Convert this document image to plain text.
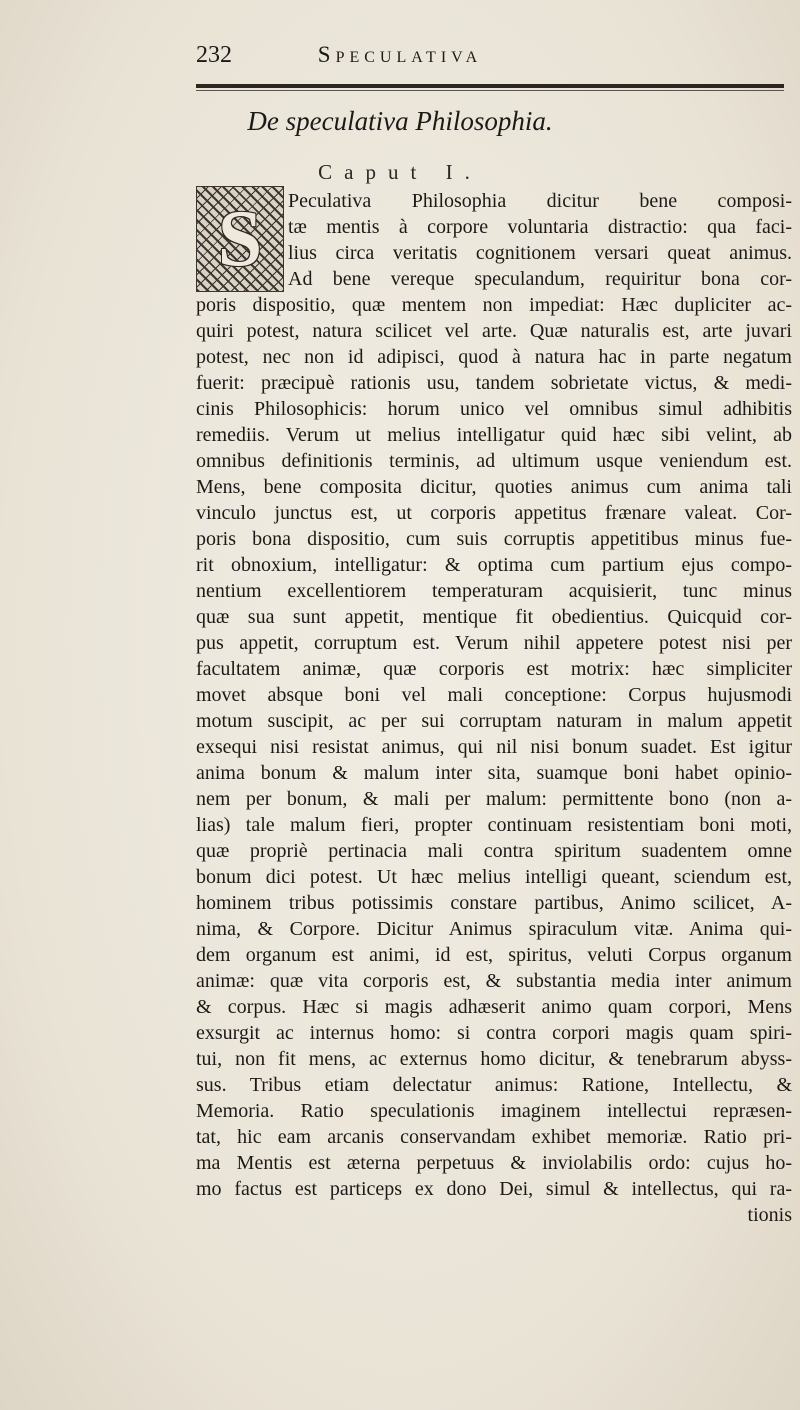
232	Speculativa
De speculativa Philosophia.
Caput I.
S	Peculativa Philosophia dicitur bene composi-
tæ mentis à corpore voluntaria distractio: qua faci-
lius circa veritatis cognitionem versari queat animus.
Ad bene vereque speculandum, requiritur bona cor-
poris dispositio, quæ mentem non impediat: Hæc dupliciter ac-
quiri potest, natura scilicet vel arte. Quæ naturalis est, arte juvari
potest, nec non id adipisci, quod à natura hac in parte negatum
fuerit: præcipuè rationis usu, tandem sobrietate victus, & medi-
cinis Philosophicis: horum unico vel omnibus simul adhibitis
remediis. Verum ut melius intelligatur quid hæc sibi velint, ab
omnibus definitionis terminis, ad ultimum usque veniendum est.
Mens, bene composita dicitur, quoties animus cum anima tali
vinculo junctus est, ut corporis appetitus frænare valeat. Cor-
poris bona dispositio, cum suis corruptis appetitibus minus fue-
rit obnoxium, intelligatur: & optima cum partium ejus compo-
nentium excellentiorem temperaturam acquisierit, tunc minus
quæ sua sunt appetit, mentique fit obedientius. Quicquid cor-
pus appetit, corruptum est. Verum nihil appetere potest nisi per
facultatem animæ, quæ corporis est motrix: hæc simpliciter
movet absque boni vel mali conceptione: Corpus hujusmodi
motum suscipit, ac per sui corruptam naturam in malum appetit
exsequi nisi resistat animus, qui nil nisi bonum suadet. Est igitur
anima bonum & malum inter sita, suamque boni habet opinio-
nem per bonum, & mali per malum: permittente bono (non a-
lias) tale malum fieri, propter continuam resistentiam boni moti,
quæ propriè pertinacia mali contra spiritum suadentem omne
bonum dici potest. Ut hæc melius intelligi queant, sciendum est,
hominem tribus potissimis constare partibus, Animo scilicet, A-
nima, & Corpore. Dicitur Animus spiraculum vitæ. Anima qui-
dem organum est animi, id est, spiritus, veluti Corpus organum
animæ: quæ vita corporis est, & substantia media inter animum
& corpus. Hæc si magis adhæserit animo quam corpori, Mens
exsurgit ac internus homo: si contra corpori magis quam spiri-
tui, non fit mens, ac externus homo dicitur, & tenebrarum abyss-
sus. Tribus etiam delectatur animus: Ratione, Intellectu, &
Memoria. Ratio speculationis imaginem intellectui repræsen-
tat, hic eam arcanis conservandam exhibet memoriæ. Ratio pri-
ma Mentis est æterna perpetuus & inviolabilis ordo: cujus ho-
mo factus est particeps ex dono Dei, simul & intellectus, qui ra-
tionis
